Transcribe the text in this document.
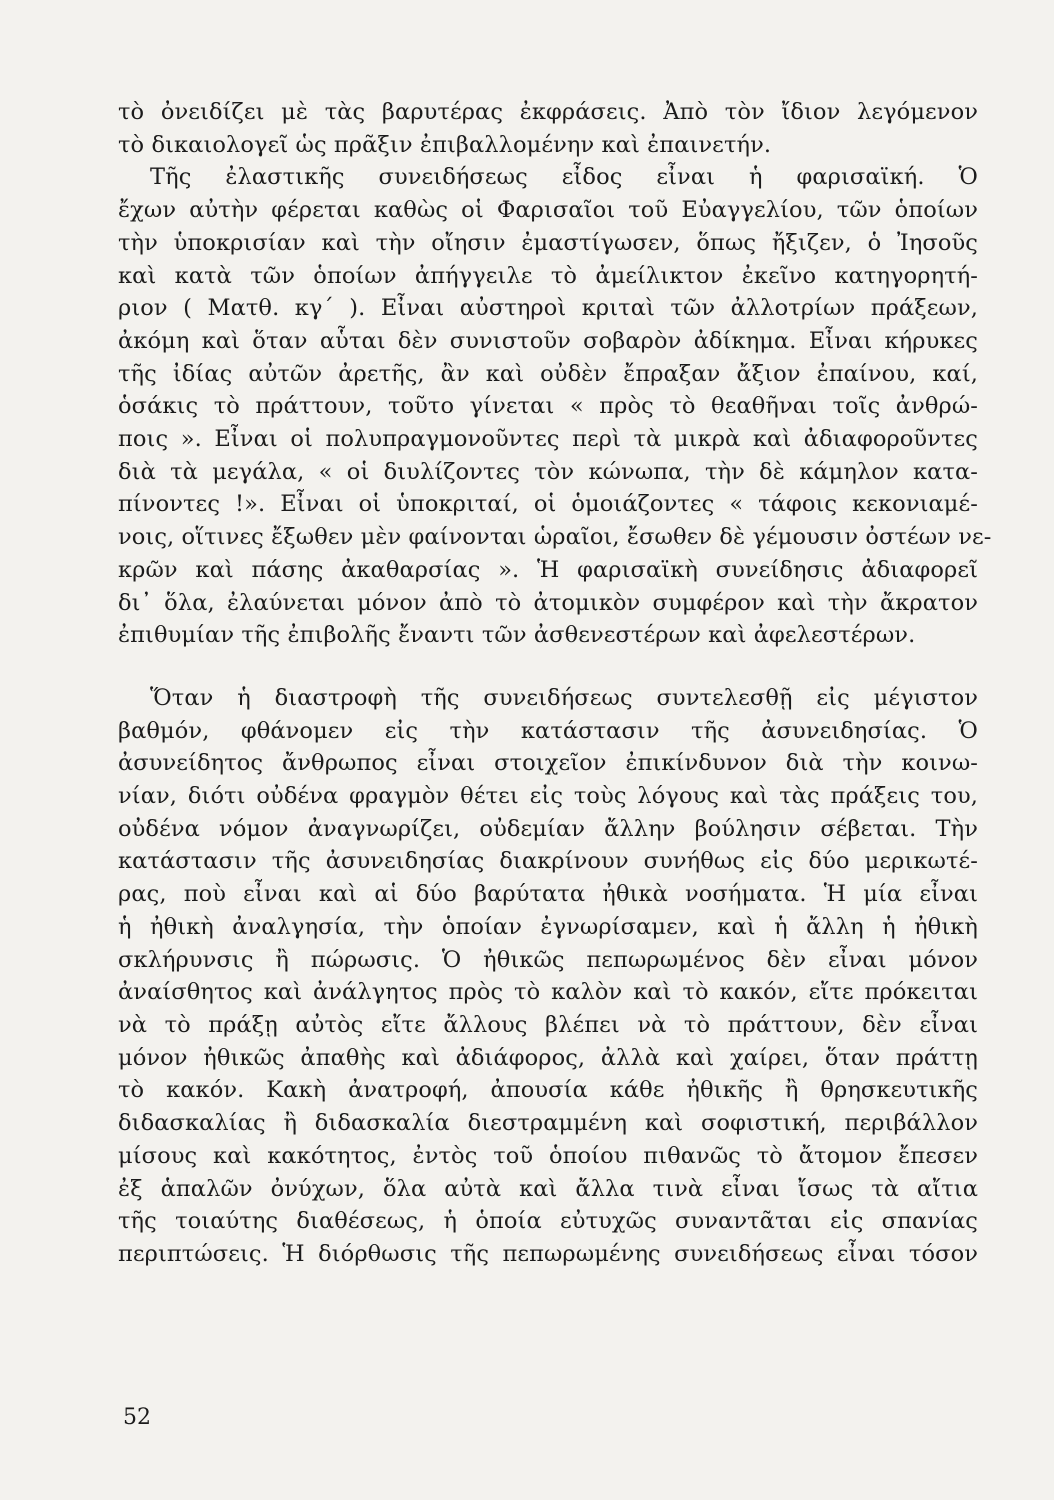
τὸ ὀνειδίζει μὲ τὰς βαρυτέρας ἐκφράσεις. Ἀπὸ τὸν ἴδιον λεγόμενον
τὸ δικαιολογεῖ ὡς πρᾶξιν ἐπιβαλλομένην καὶ ἐπαινετήν.
Τῆς ἐλαστικῆς συνειδήσεως εἶδος εἶναι ἡ φαρισαϊκή. Ὁ
ἔχων αὐτὴν φέρεται καθὼς οἱ Φαρισαῖοι τοῦ Εὐαγγελίου, τῶν ὁποίων
τὴν ὑποκρισίαν καὶ τὴν οἴησιν ἐμαστίγωσεν, ὅπως ἤξιζεν, ὁ Ἰησοῦς
καὶ κατὰ τῶν ὁποίων ἀπήγγειλε τὸ ἀμείλικτον ἐκεῖνο κατηγορητή-
ριον ( Ματθ. κγ΄ ). Εἶναι αὐστηροὶ κριταὶ τῶν ἀλλοτρίων πράξεων,
ἀκόμη καὶ ὅταν αὗται δὲν συνιστοῦν σοβαρὸν ἀδίκημα. Εἶναι κήρυκες
τῆς ἰδίας αὐτῶν ἀρετῆς, ἂν καὶ οὐδὲν ἔπραξαν ἄξιον ἐπαίνου, καί,
ὁσάκις τὸ πράττουν, τοῦτο γίνεται « πρὸς τὸ θεαθῆναι τοῖς ἀνθρώ-
ποις ». Εἶναι οἱ πολυπραγμονοῦντες περὶ τὰ μικρὰ καὶ ἀδιαφοροῦντες
διὰ τὰ μεγάλα, « οἱ διυλίζοντες τὸν κώνωπα, τὴν δὲ κάμηλον κατα-
πίνοντες !». Εἶναι οἱ ὑποκριταί, οἱ ὁμοιάζοντες « τάφοις κεκονιαμέ-
νοις, οἵτινες ἔξωθεν μὲν φαίνονται ὡραῖοι, ἔσωθεν δὲ γέμουσιν ὀστέων νε-
κρῶν καὶ πάσης ἀκαθαρσίας ». Ἡ φαρισαϊκὴ συνείδησις ἀδιαφορεῖ
δι᾽ ὅλα, ἐλαύνεται μόνον ἀπὸ τὸ ἀτομικὸν συμφέρον καὶ τὴν ἄκρατον
ἐπιθυμίαν τῆς ἐπιβολῆς ἔναντι τῶν ἀσθενεστέρων καὶ ἀφελεστέρων.
Ὅταν ἡ διαστροφὴ τῆς συνειδήσεως συντελεσθῇ εἰς μέγιστον
βαθμόν, φθάνομεν εἰς τὴν κατάστασιν τῆς ἀσυνειδησίας. Ὁ
ἀσυνείδητος ἄνθρωπος εἶναι στοιχεῖον ἐπικίνδυνον διὰ τὴν κοινω-
νίαν, διότι οὐδένα φραγμὸν θέτει εἰς τοὺς λόγους καὶ τὰς πράξεις του,
οὐδένα νόμον ἀναγνωρίζει, οὐδεμίαν ἄλλην βούλησιν σέβεται. Τὴν
κατάστασιν τῆς ἀσυνειδησίας διακρίνουν συνήθως εἰς δύο μερικωτέ-
ρας, ποὺ εἶναι καὶ αἱ δύο βαρύτατα ἠθικὰ νοσήματα. Ἡ μία εἶναι
ἡ ἠθικὴ ἀναλγησία, τὴν ὁποίαν ἐγνωρίσαμεν, καὶ ἡ ἄλλη ἡ ἠθικὴ
σκλήρυνσις ἢ πώρωσις. Ὁ ἠθικῶς πεπωρωμένος δὲν εἶναι μόνον
ἀναίσθητος καὶ ἀνάλγητος πρὸς τὸ καλὸν καὶ τὸ κακόν, εἴτε πρόκειται
νὰ τὸ πράξῃ αὐτὸς εἴτε ἄλλους βλέπει νὰ τὸ πράττουν, δὲν εἶναι
μόνον ἠθικῶς ἀπαθὴς καὶ ἀδιάφορος, ἀλλὰ καὶ χαίρει, ὅταν πράττῃ
τὸ κακόν. Κακὴ ἀνατροφή, ἀπουσία κάθε ἠθικῆς ἢ θρησκευτικῆς
διδασκαλίας ἢ διδασκαλία διεστραμμένη καὶ σοφιστική, περιβάλλον
μίσους καὶ κακότητος, ἐντὸς τοῦ ὁποίου πιθανῶς τὸ ἄτομον ἔπεσεν
ἐξ ἁπαλῶν ὀνύχων, ὅλα αὐτὰ καὶ ἄλλα τινὰ εἶναι ἴσως τὰ αἴτια
τῆς τοιαύτης διαθέσεως, ἡ ὁποία εὐτυχῶς συναντᾶται εἰς σπανίας
περιπτώσεις. Ἡ διόρθωσις τῆς πεπωρωμένης συνειδήσεως εἶναι τόσον
52
